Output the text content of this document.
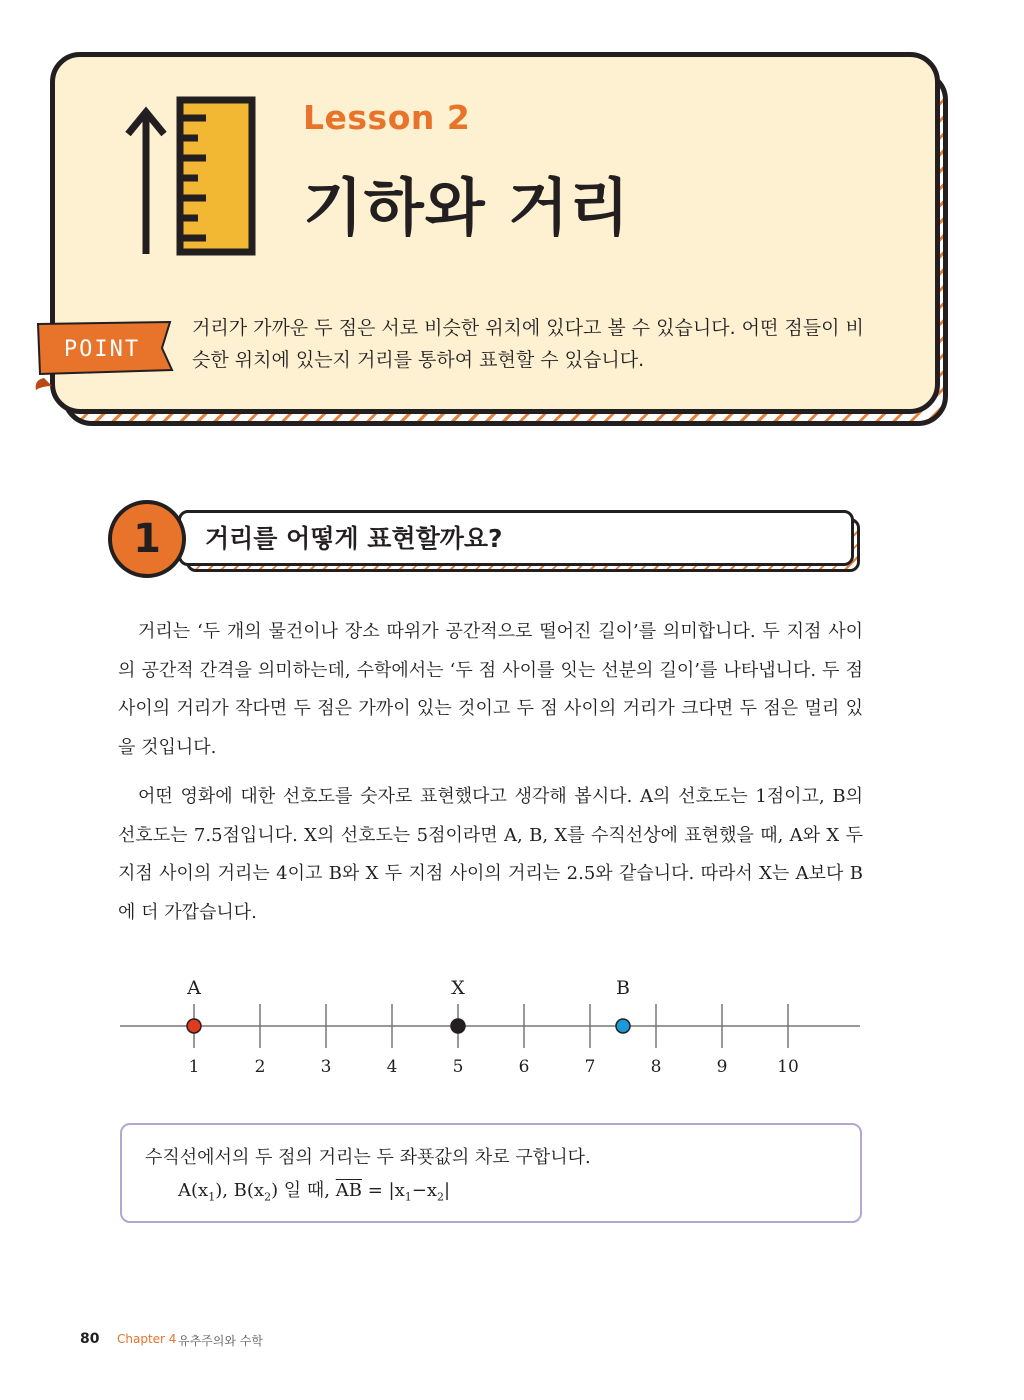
Lesson 2
기하와 거리
POINT

거리가 가까운 두 점은 서로 비슷한 위치에 있다고 볼 수 있습니다. 어떤 점들이 비슷한 위치에 있는지 거리를 통하여 표현할 수 있습니다.

1	거리를 어떻게 표현할까요?

거리는 ‘두 개의 물건이나 장소 따위가 공간적으로 떨어진 길이’를 의미합니다. 두 지점 사이의 공간적 간격을 의미하는데, 수학에서는 ‘두 점 사이를 잇는 선분의 길이’를 나타냅니다. 두 점 사이의 거리가 작다면 두 점은 가까이 있는 것이고 두 점 사이의 거리가 크다면 두 점은 멀리 있을 것입니다.

어떤 영화에 대한 선호도를 숫자로 표현했다고 생각해 봅시다. A의 선호도는 1점이고, B의 선호도는 7.5점입니다. X의 선호도는 5점이라면 A, B, X를 수직선상에 표현했을 때, A와 X 두 지점 사이의 거리는 4이고 B와 X 두 지점 사이의 거리는 2.5와 같습니다. 따라서 X는 A보다 B에 더 가깝습니다.

1	2	3	4	5	6	7	8	9	10
A	X	B

수직선에서의 두 점의 거리는 두 좌푯값의 차로 구합니다.

$A(x_1)$, $B(x_2)$ 일 때, $\overline{AB} = |x_1-x_2|$

80 Chapter 4 유추주의와 수학
